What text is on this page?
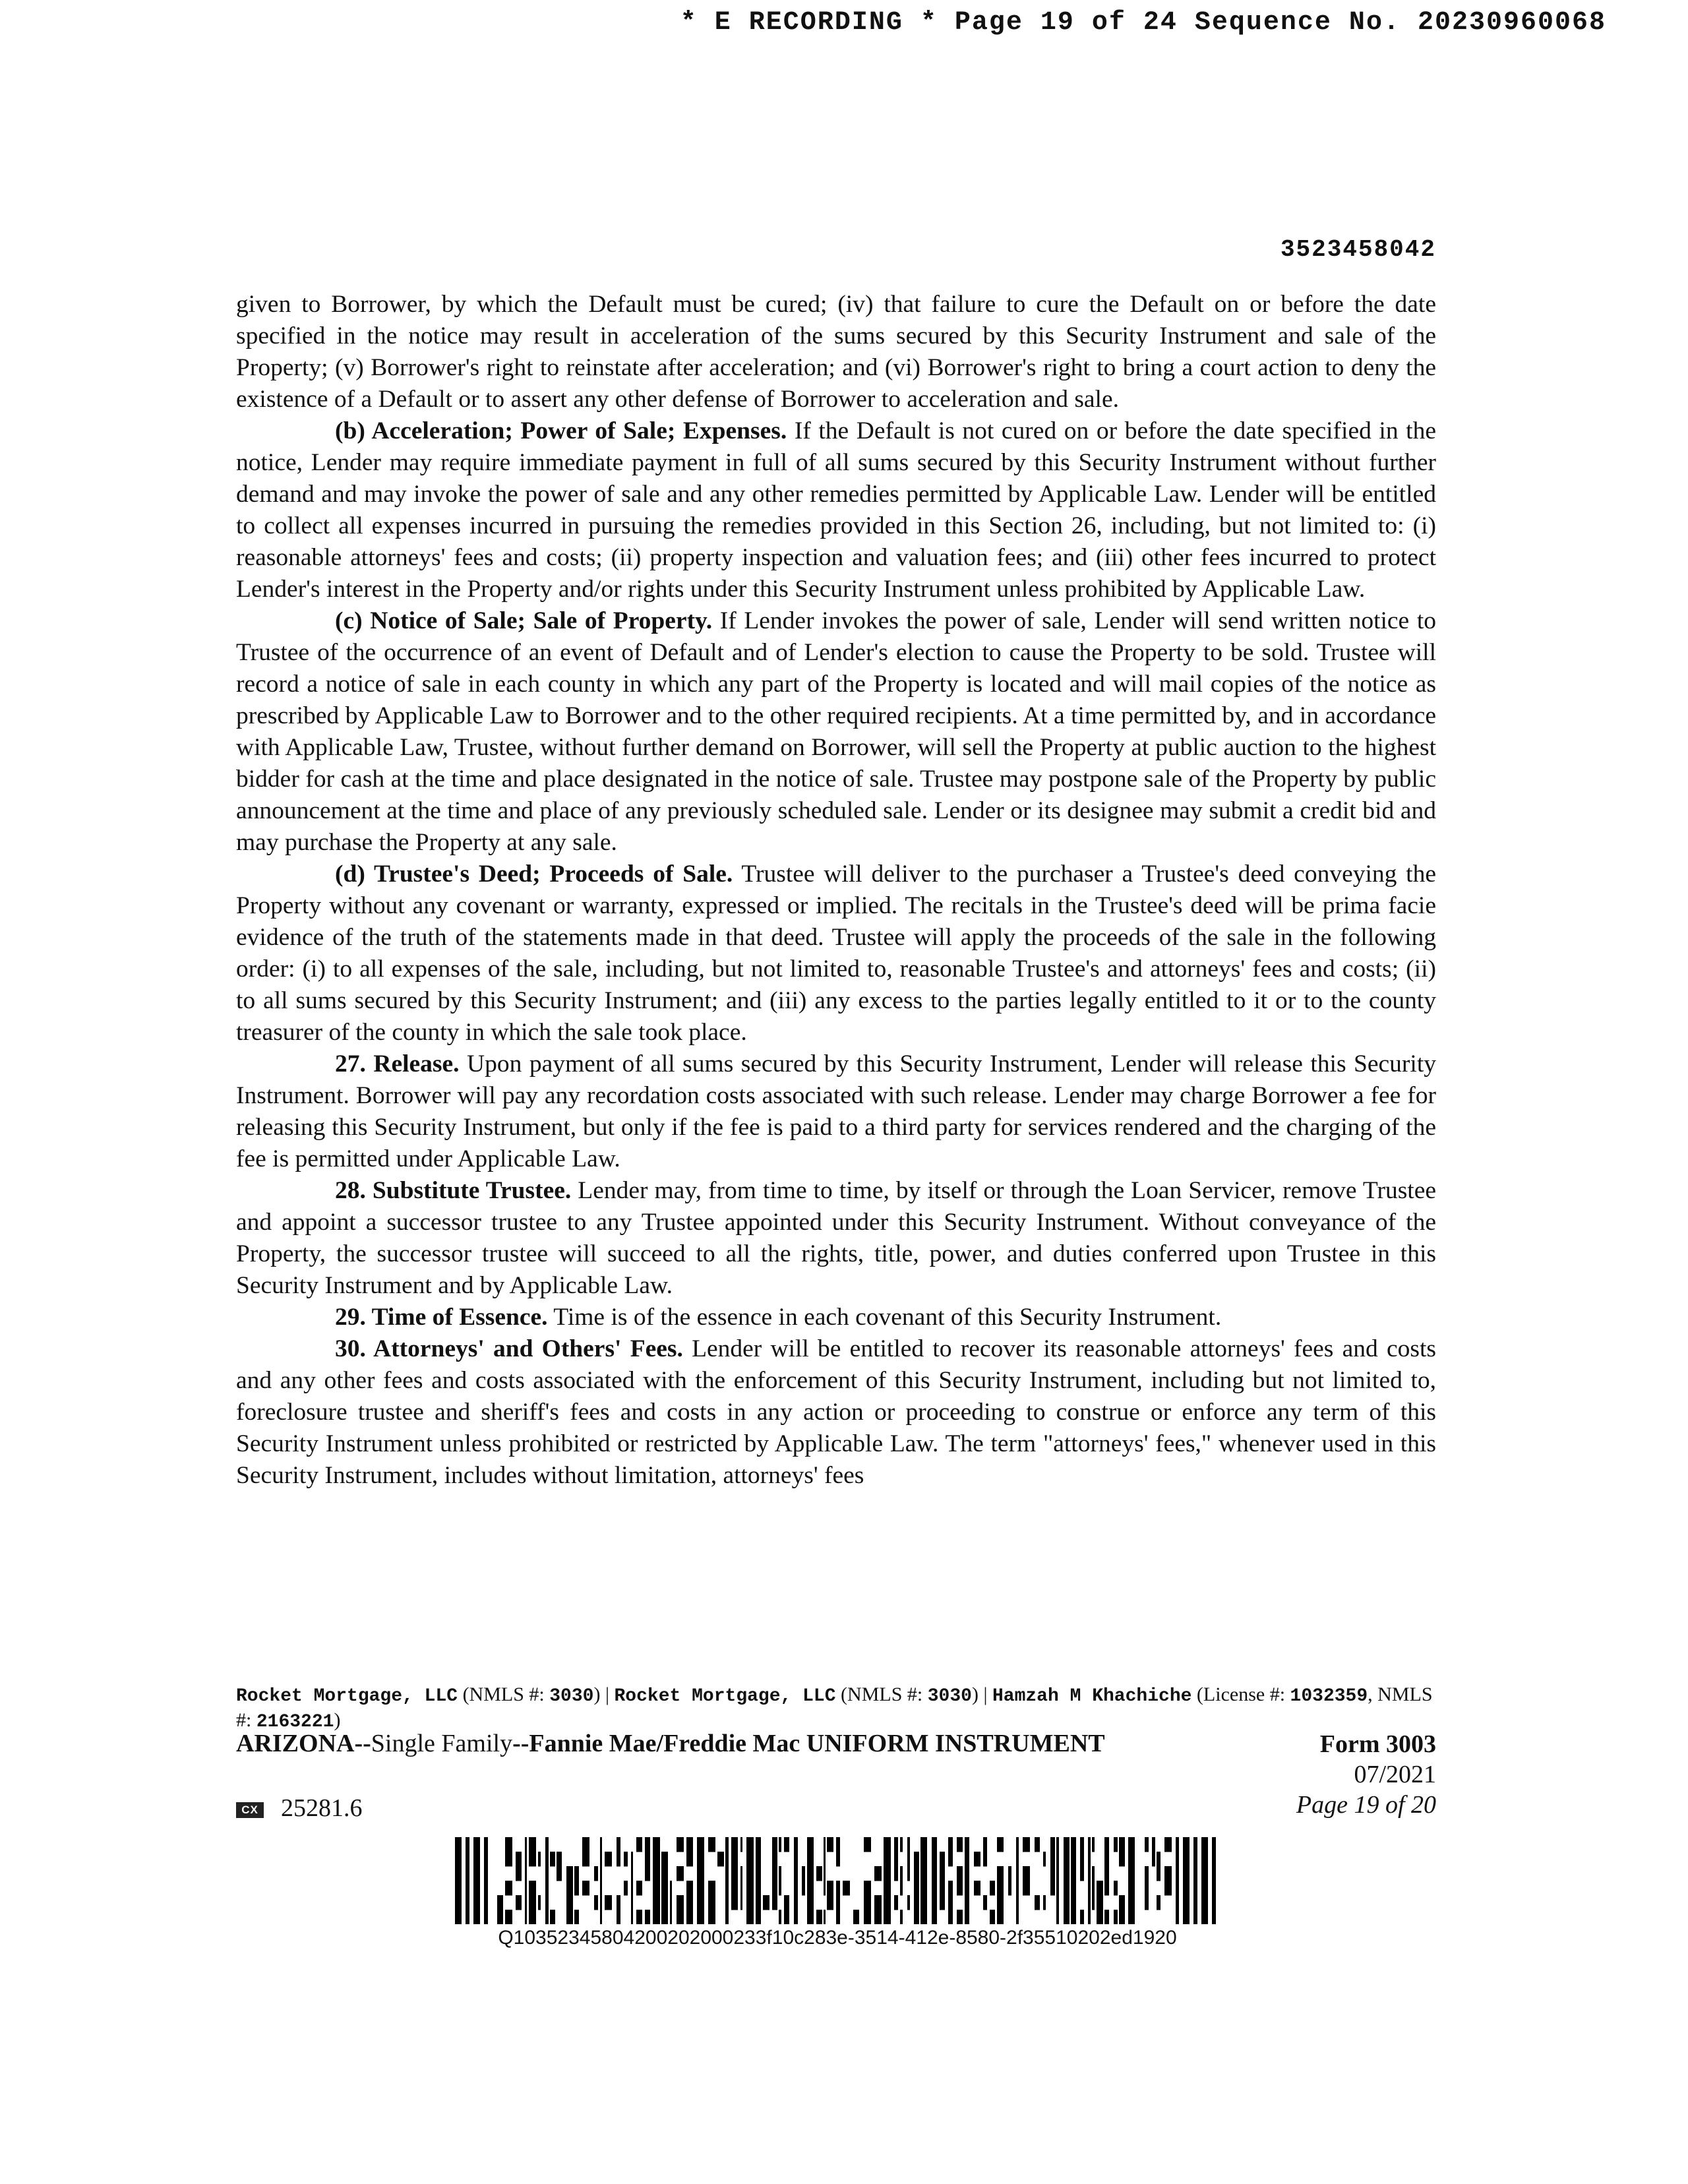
* E RECORDING * Page 19 of 24 Sequence No. 20230960068
3523458042

given to Borrower, by which the Default must be cured; (iv) that failure to cure the Default on or before the date specified in the notice may result in acceleration of the sums secured by this Security Instrument and sale of the Property; (v) Borrower's right to reinstate after acceleration; and (vi) Borrower's right to bring a court action to deny the existence of a Default or to assert any other defense of Borrower to acceleration and sale.

(b) Acceleration; Power of Sale; Expenses. If the Default is not cured on or before the date specified in the notice, Lender may require immediate payment in full of all sums secured by this Security Instrument without further demand and may invoke the power of sale and any other remedies permitted by Applicable Law. Lender will be entitled to collect all expenses incurred in pursuing the remedies provided in this Section 26, including, but not limited to: (i) reasonable attorneys' fees and costs; (ii) property inspection and valuation fees; and (iii) other fees incurred to protect Lender's interest in the Property and/or rights under this Security Instrument unless prohibited by Applicable Law.

(c) Notice of Sale; Sale of Property. If Lender invokes the power of sale, Lender will send written notice to Trustee of the occurrence of an event of Default and of Lender's election to cause the Property to be sold. Trustee will record a notice of sale in each county in which any part of the Property is located and will mail copies of the notice as prescribed by Applicable Law to Borrower and to the other required recipients. At a time permitted by, and in accordance with Applicable Law, Trustee, without further demand on Borrower, will sell the Property at public auction to the highest bidder for cash at the time and place designated in the notice of sale. Trustee may postpone sale of the Property by public announcement at the time and place of any previously scheduled sale. Lender or its designee may submit a credit bid and may purchase the Property at any sale.

(d) Trustee's Deed; Proceeds of Sale. Trustee will deliver to the purchaser a Trustee's deed conveying the Property without any covenant or warranty, expressed or implied. The recitals in the Trustee's deed will be prima facie evidence of the truth of the statements made in that deed. Trustee will apply the proceeds of the sale in the following order: (i) to all expenses of the sale, including, but not limited to, reasonable Trustee's and attorneys' fees and costs; (ii) to all sums secured by this Security Instrument; and (iii) any excess to the parties legally entitled to it or to the county treasurer of the county in which the sale took place.

27. Release. Upon payment of all sums secured by this Security Instrument, Lender will release this Security Instrument. Borrower will pay any recordation costs associated with such release. Lender may charge Borrower a fee for releasing this Security Instrument, but only if the fee is paid to a third party for services rendered and the charging of the fee is permitted under Applicable Law.

28. Substitute Trustee. Lender may, from time to time, by itself or through the Loan Servicer, remove Trustee and appoint a successor trustee to any Trustee appointed under this Security Instrument. Without conveyance of the Property, the successor trustee will succeed to all the rights, title, power, and duties conferred upon Trustee in this Security Instrument and by Applicable Law.

29. Time of Essence. Time is of the essence in each covenant of this Security Instrument.

30. Attorneys' and Others' Fees. Lender will be entitled to recover its reasonable attorneys' fees and costs and any other fees and costs associated with the enforcement of this Security Instrument, including but not limited to, foreclosure trustee and sheriff's fees and costs in any action or proceeding to construe or enforce any term of this Security Instrument unless prohibited or restricted by Applicable Law. The term "attorneys' fees," whenever used in this Security Instrument, includes without limitation, attorneys' fees

Rocket Mortgage, LLC (NMLS #: 3030) | Rocket Mortgage, LLC (NMLS #: 3030) | Hamzah M Khachiche (License #: 1032359, NMLS #: 2163221)
ARIZONA--Single Family--Fannie Mae/Freddie Mac UNIFORM INSTRUMENT	Form 3003
07/2021
Page 19 of 20
CX 25281.6
Q10352345804200202000233f10c283e-3514-412e-8580-2f35510202ed1920
